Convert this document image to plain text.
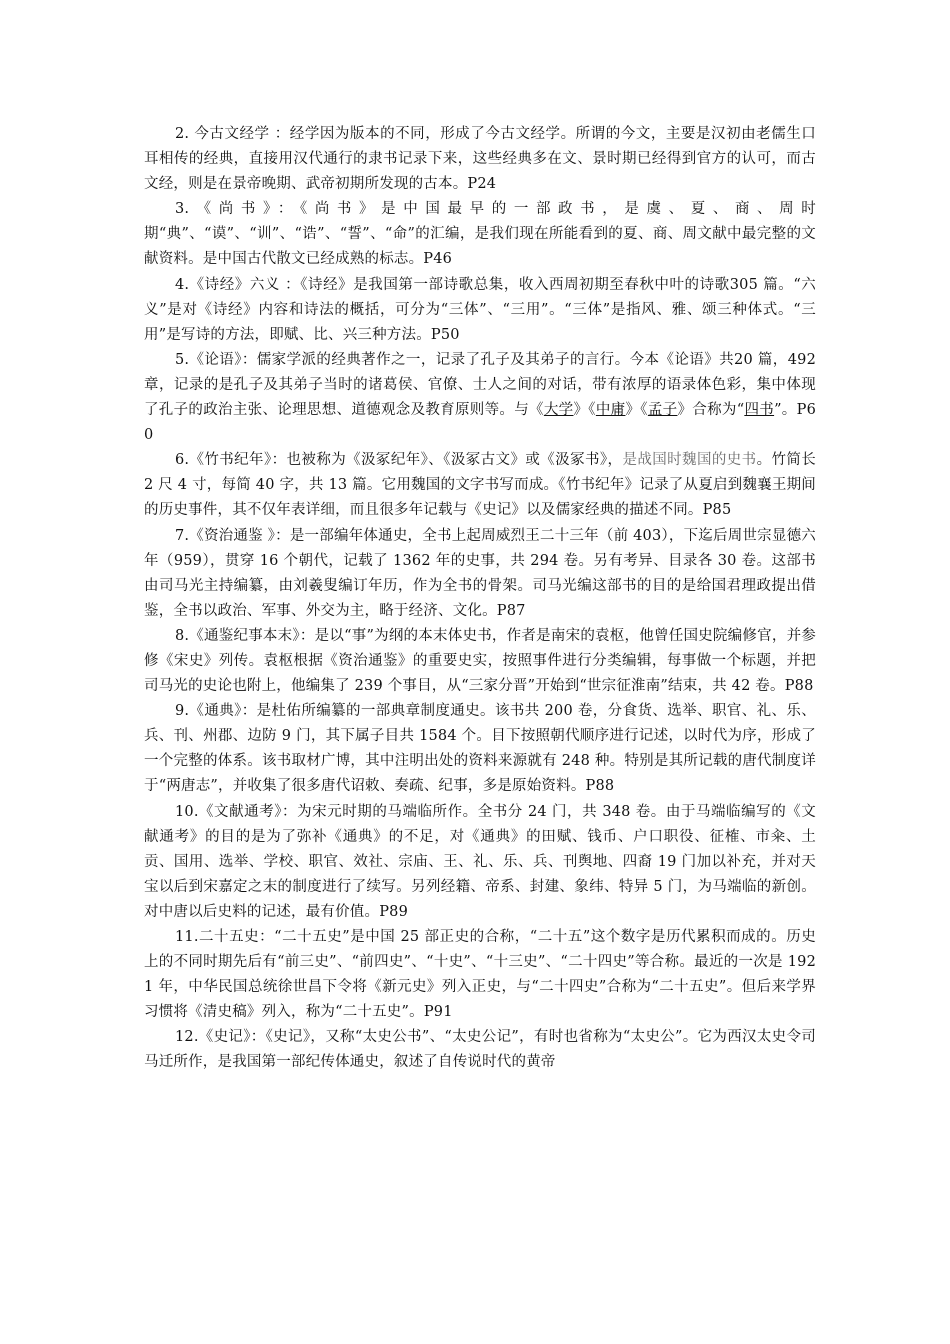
2. 今古文经学 ：经学因为版本的不同，形成了今古文经学。所谓的今文，主要是汉初由老儒生口耳相传的经典，直接用汉代通行的隶书记录下来，这些经典多在文、景时期已经得到官方的认可，而古文经，则是在景帝晚期、武帝初期所发现的古本。P24

3.《尚书》：《尚书》是中国最早的一部政书，是虞、夏、商、周时期“典”、“谟”、“训”、“诰”、“誓”、“命”的汇编，是我们现在所能看到的夏、商、周文献中最完整的文献资料。是中国古代散文已经成熟的标志。P46

4.《诗经》六义 ：《诗经》是我国第一部诗歌总集，收入西周初期至春秋中叶的诗歌305 篇。“六义”是对《诗经》内容和诗法的概括，可分为“三体”、“三用”。“三体”是指风、雅、颂三种体式。“三用”是写诗的方法，即赋、比、兴三种方法。P50

5.《论语》：儒家学派的经典著作之一，记录了孔子及其弟子的言行。今本《论语》共20 篇，492 章，记录的是孔子及其弟子当时的诸葛侯、官僚、士人之间的对话，带有浓厚的语录体色彩，集中体现了孔子的政治主张、论理思想、道德观念及教育原则等。与《大学》《中庸》《孟子》合称为“四书”。P60

6.《竹书纪年》：也被称为《汲冢纪年》、《汲冢古文》或《汲冢书》，是战国时魏国的史书。竹简长 2 尺 4 寸，每简 40 字，共 13 篇。它用魏国的文字书写而成。《竹书纪年》记录了从夏启到魏襄王期间的历史事件，其不仅年表详细，而且很多年记载与《史记》以及儒家经典的描述不同。P85

7.《资治通鉴 》：是一部编年体通史，全书上起周威烈王二十三年（前 403），下迄后周世宗显德六年（959），贯穿 16 个朝代，记载了 1362 年的史事，共 294 卷。另有考异、目录各 30 卷。这部书由司马光主持编纂，由刘羲叟编订年历，作为全书的骨架。司马光编这部书的目的是给国君理政提出借鉴，全书以政治、军事、外交为主，略于经济、文化。P87

8.《通鉴纪事本末》：是以“事”为纲的本末体史书，作者是南宋的袁枢，他曾任国史院编修官，并参修《宋史》列传。袁枢根据《资治通鉴》的重要史实，按照事件进行分类编辑，每事做一个标题，并把司马光的史论也附上，他编集了 239 个事目，从“三家分晋”开始到“世宗征淮南”结束，共 42 卷。P88

9.《通典》：是杜佑所编纂的一部典章制度通史。该书共 200 卷，分食货、选举、职官、礼、乐、兵、刊、州郡、边防 9 门，其下属子目共 1584 个。目下按照朝代顺序进行记述，以时代为序，形成了一个完整的体系。该书取材广博，其中注明出处的资料来源就有 248 种。特别是其所记载的唐代制度详于“两唐志”，并收集了很多唐代诏敕、奏疏、纪事，多是原始资料。P88

10.《文献通考》：为宋元时期的马端临所作。全书分 24 门，共 348 卷。由于马端临编写的《文献通考》的目的是为了弥补《通典》的不足，对《通典》的田赋、钱币、户口职役、征榷、市籴、土贡、国用、选举、学校、职官、效社、宗庙、王、礼、乐、兵、刊舆地、四裔 19 门加以补充，并对天宝以后到宋嘉定之末的制度进行了续写。另列经籍、帝系、封建、象纬、特异 5 门，为马端临的新创。对中唐以后史料的记述，最有价值。P89

11.二十五史：“二十五史”是中国 25 部正史的合称，“二十五”这个数字是历代累积而成的。历史上的不同时期先后有“前三史”、“前四史”、“十史”、“十三史”、“二十四史”等合称。最近的一次是 1921 年，中华民国总统徐世昌下令将《新元史》列入正史，与“二十四史”合称为“二十五史”。但后来学界习惯将《清史稿》列入，称为“二十五史”。P91

12.《史记》：《史记》，又称“太史公书”、“太史公记”，有时也省称为“太史公”。它为西汉太史令司马迁所作，是我国第一部纪传体通史，叙述了自传说时代的黄帝
